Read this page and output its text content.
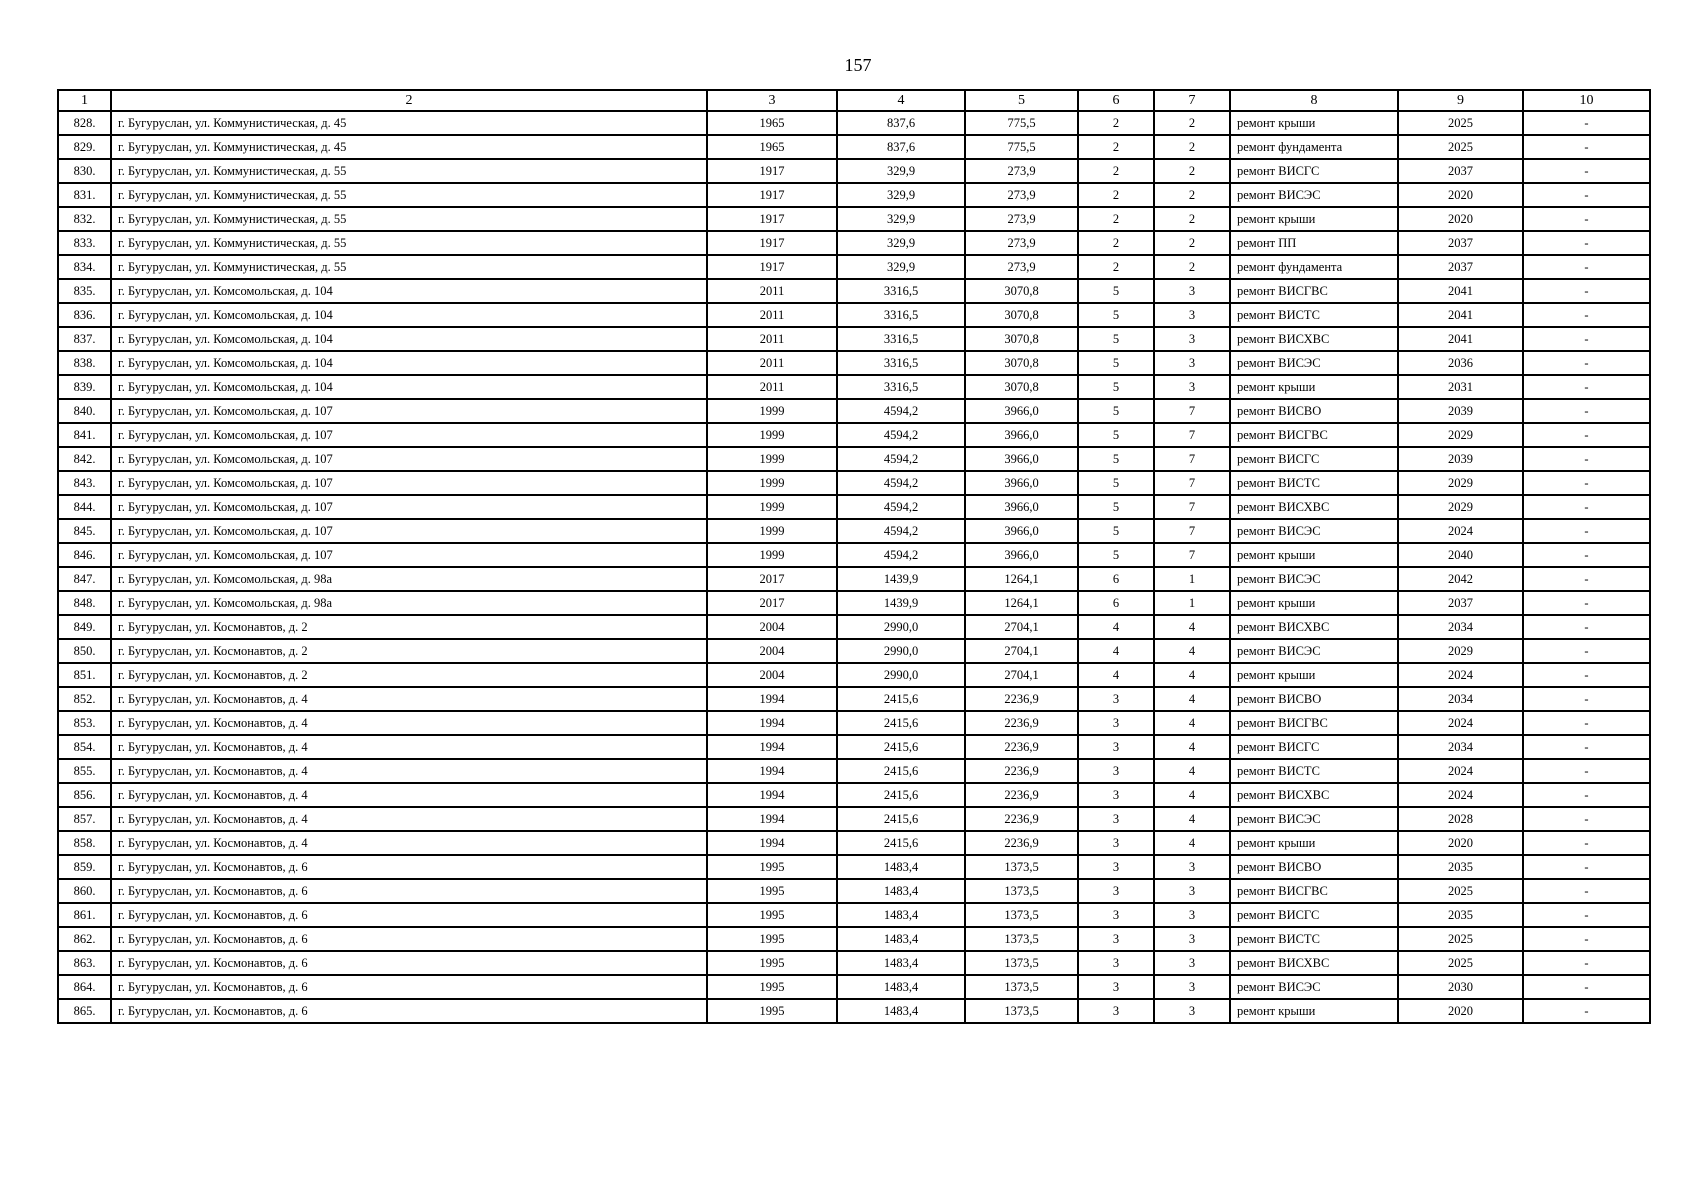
157
1	2	3	4	5	6	7	8	9	10
828.	г. Бугуруслан, ул. Коммунистическая, д. 45	1965	837,6	775,5	2	2	ремонт крыши	2025	-
829.	г. Бугуруслан, ул. Коммунистическая, д. 45	1965	837,6	775,5	2	2	ремонт фундамента	2025	-
830.	г. Бугуруслан, ул. Коммунистическая, д. 55	1917	329,9	273,9	2	2	ремонт ВИСГС	2037	-
831.	г. Бугуруслан, ул. Коммунистическая, д. 55	1917	329,9	273,9	2	2	ремонт ВИСЭС	2020	-
832.	г. Бугуруслан, ул. Коммунистическая, д. 55	1917	329,9	273,9	2	2	ремонт крыши	2020	-
833.	г. Бугуруслан, ул. Коммунистическая, д. 55	1917	329,9	273,9	2	2	ремонт ПП	2037	-
834.	г. Бугуруслан, ул. Коммунистическая, д. 55	1917	329,9	273,9	2	2	ремонт фундамента	2037	-
835.	г. Бугуруслан, ул. Комсомольская, д. 104	2011	3316,5	3070,8	5	3	ремонт ВИСГВС	2041	-
836.	г. Бугуруслан, ул. Комсомольская, д. 104	2011	3316,5	3070,8	5	3	ремонт ВИСТС	2041	-
837.	г. Бугуруслан, ул. Комсомольская, д. 104	2011	3316,5	3070,8	5	3	ремонт ВИСХВС	2041	-
838.	г. Бугуруслан, ул. Комсомольская, д. 104	2011	3316,5	3070,8	5	3	ремонт ВИСЭС	2036	-
839.	г. Бугуруслан, ул. Комсомольская, д. 104	2011	3316,5	3070,8	5	3	ремонт крыши	2031	-
840.	г. Бугуруслан, ул. Комсомольская, д. 107	1999	4594,2	3966,0	5	7	ремонт ВИСВО	2039	-
841.	г. Бугуруслан, ул. Комсомольская, д. 107	1999	4594,2	3966,0	5	7	ремонт ВИСГВС	2029	-
842.	г. Бугуруслан, ул. Комсомольская, д. 107	1999	4594,2	3966,0	5	7	ремонт ВИСГС	2039	-
843.	г. Бугуруслан, ул. Комсомольская, д. 107	1999	4594,2	3966,0	5	7	ремонт ВИСТС	2029	-
844.	г. Бугуруслан, ул. Комсомольская, д. 107	1999	4594,2	3966,0	5	7	ремонт ВИСХВС	2029	-
845.	г. Бугуруслан, ул. Комсомольская, д. 107	1999	4594,2	3966,0	5	7	ремонт ВИСЭС	2024	-
846.	г. Бугуруслан, ул. Комсомольская, д. 107	1999	4594,2	3966,0	5	7	ремонт крыши	2040	-
847.	г. Бугуруслан, ул. Комсомольская, д. 98а	2017	1439,9	1264,1	6	1	ремонт ВИСЭС	2042	-
848.	г. Бугуруслан, ул. Комсомольская, д. 98а	2017	1439,9	1264,1	6	1	ремонт крыши	2037	-
849.	г. Бугуруслан, ул. Космонавтов, д. 2	2004	2990,0	2704,1	4	4	ремонт ВИСХВС	2034	-
850.	г. Бугуруслан, ул. Космонавтов, д. 2	2004	2990,0	2704,1	4	4	ремонт ВИСЭС	2029	-
851.	г. Бугуруслан, ул. Космонавтов, д. 2	2004	2990,0	2704,1	4	4	ремонт крыши	2024	-
852.	г. Бугуруслан, ул. Космонавтов, д. 4	1994	2415,6	2236,9	3	4	ремонт ВИСВО	2034	-
853.	г. Бугуруслан, ул. Космонавтов, д. 4	1994	2415,6	2236,9	3	4	ремонт ВИСГВС	2024	-
854.	г. Бугуруслан, ул. Космонавтов, д. 4	1994	2415,6	2236,9	3	4	ремонт ВИСГС	2034	-
855.	г. Бугуруслан, ул. Космонавтов, д. 4	1994	2415,6	2236,9	3	4	ремонт ВИСТС	2024	-
856.	г. Бугуруслан, ул. Космонавтов, д. 4	1994	2415,6	2236,9	3	4	ремонт ВИСХВС	2024	-
857.	г. Бугуруслан, ул. Космонавтов, д. 4	1994	2415,6	2236,9	3	4	ремонт ВИСЭС	2028	-
858.	г. Бугуруслан, ул. Космонавтов, д. 4	1994	2415,6	2236,9	3	4	ремонт крыши	2020	-
859.	г. Бугуруслан, ул. Космонавтов, д. 6	1995	1483,4	1373,5	3	3	ремонт ВИСВО	2035	-
860.	г. Бугуруслан, ул. Космонавтов, д. 6	1995	1483,4	1373,5	3	3	ремонт ВИСГВС	2025	-
861.	г. Бугуруслан, ул. Космонавтов, д. 6	1995	1483,4	1373,5	3	3	ремонт ВИСГС	2035	-
862.	г. Бугуруслан, ул. Космонавтов, д. 6	1995	1483,4	1373,5	3	3	ремонт ВИСТС	2025	-
863.	г. Бугуруслан, ул. Космонавтов, д. 6	1995	1483,4	1373,5	3	3	ремонт ВИСХВС	2025	-
864.	г. Бугуруслан, ул. Космонавтов, д. 6	1995	1483,4	1373,5	3	3	ремонт ВИСЭС	2030	-
865.	г. Бугуруслан, ул. Космонавтов, д. 6	1995	1483,4	1373,5	3	3	ремонт крыши	2020	-
